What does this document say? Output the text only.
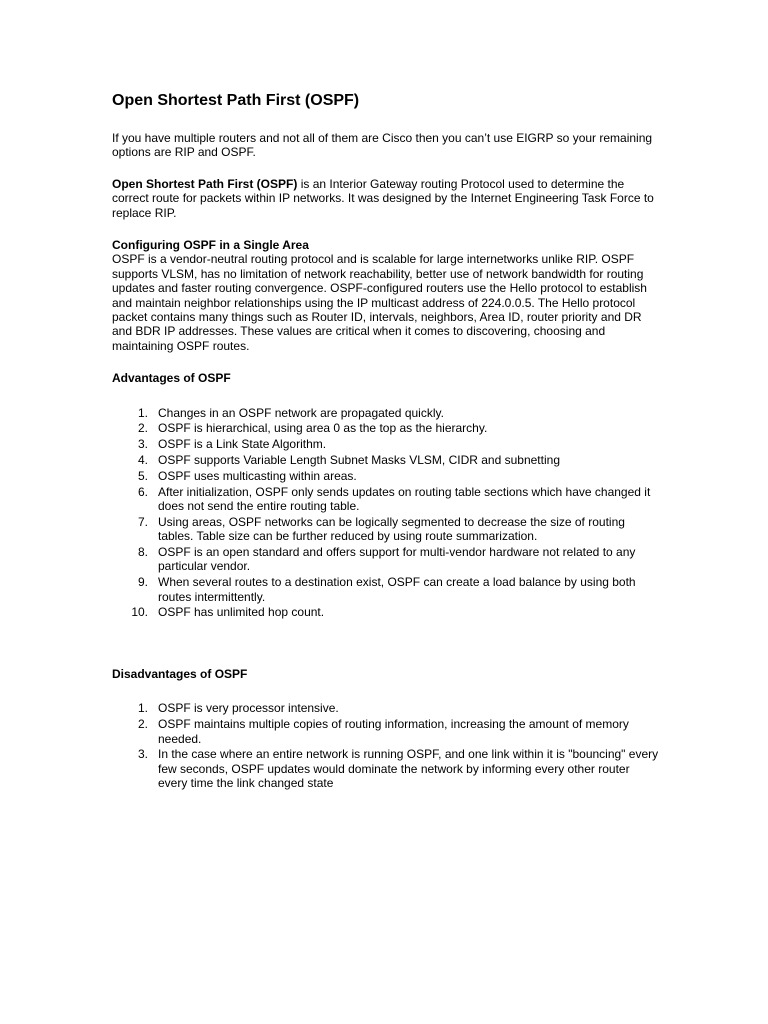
Open Shortest Path First (OSPF)

If you have multiple routers and not all of them are Cisco then you can’t use EIGRP so your remaining options are RIP and OSPF.

Open Shortest Path First (OSPF) is an Interior Gateway routing Protocol used to determine the correct route for packets within IP networks. It was designed by the Internet Engineering Task Force to replace RIP.

Configuring OSPF in a Single Area

OSPF is a vendor-neutral routing protocol and is scalable for large internetworks unlike RIP. OSPF supports VLSM, has no limitation of network reachability, better use of network bandwidth for routing updates and faster routing convergence. OSPF-configured routers use the Hello protocol to establish and maintain neighbor relationships using the IP multicast address of 224.0.0.5. The Hello protocol packet contains many things such as Router ID, intervals, neighbors, Area ID, router priority and DR and BDR IP addresses. These values are critical when it comes to discovering, choosing and maintaining OSPF routes.

Advantages of OSPF
1. Changes in an OSPF network are propagated quickly.
2. OSPF is hierarchical, using area 0 as the top as the hierarchy.
3. OSPF is a Link State Algorithm.
4. OSPF supports Variable Length Subnet Masks VLSM, CIDR and subnetting
5. OSPF uses multicasting within areas.
6. After initialization, OSPF only sends updates on routing table sections which have changed it does not send the entire routing table.
7. Using areas, OSPF networks can be logically segmented to decrease the size of routing tables. Table size can be further reduced by using route summarization.
8. OSPF is an open standard and offers support for multi-vendor hardware not related to any particular vendor.
9. When several routes to a destination exist, OSPF can create a load balance by using both routes intermittently.
10. OSPF has unlimited hop count.
Disadvantages of OSPF
1. OSPF is very processor intensive.
2. OSPF maintains multiple copies of routing information, increasing the amount of memory needed.
3. In the case where an entire network is running OSPF, and one link within it is "bouncing" every few seconds, OSPF updates would dominate the network by informing every other router every time the link changed state
